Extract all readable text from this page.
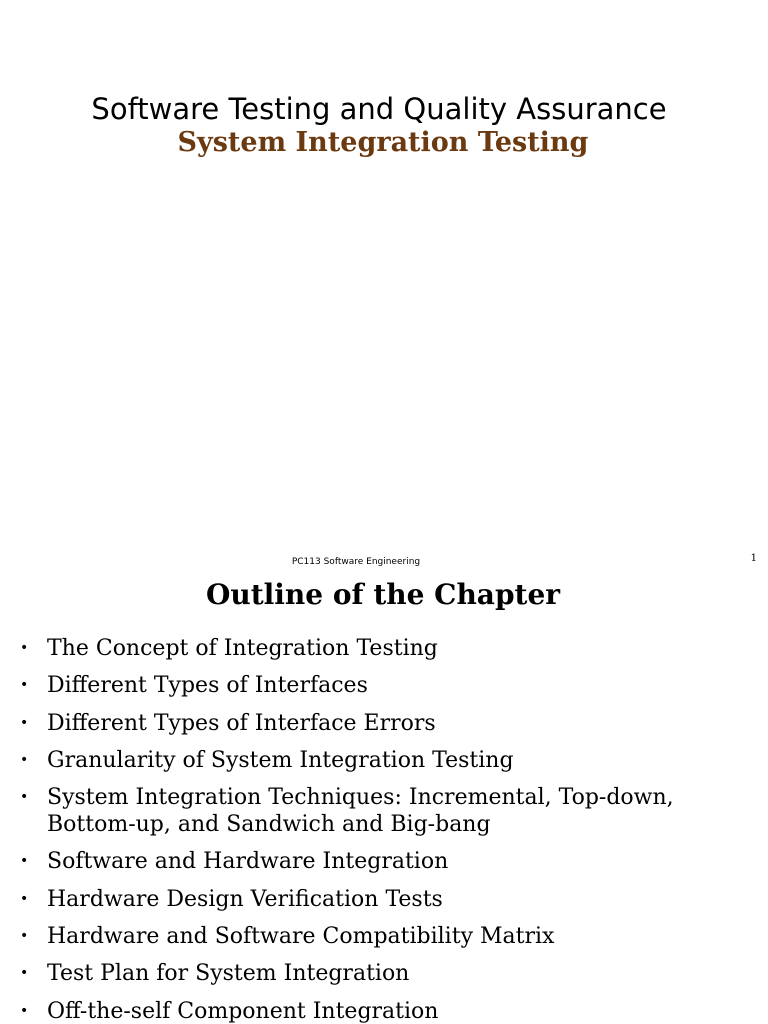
Software Testing and Quality Assurance
System Integration Testing
PC113 Software Engineering	1
Outline of the Chapter
• The Concept of Integration Testing
• Different Types of Interfaces
• Different Types of Interface Errors
• Granularity of System Integration Testing
• System Integration Techniques: Incremental, Top-down, Bottom-up, and Sandwich and Big-bang
• Software and Hardware Integration
• Hardware Design Verification Tests
• Hardware and Software Compatibility Matrix
• Test Plan for System Integration
• Off-the-self Component Integration
